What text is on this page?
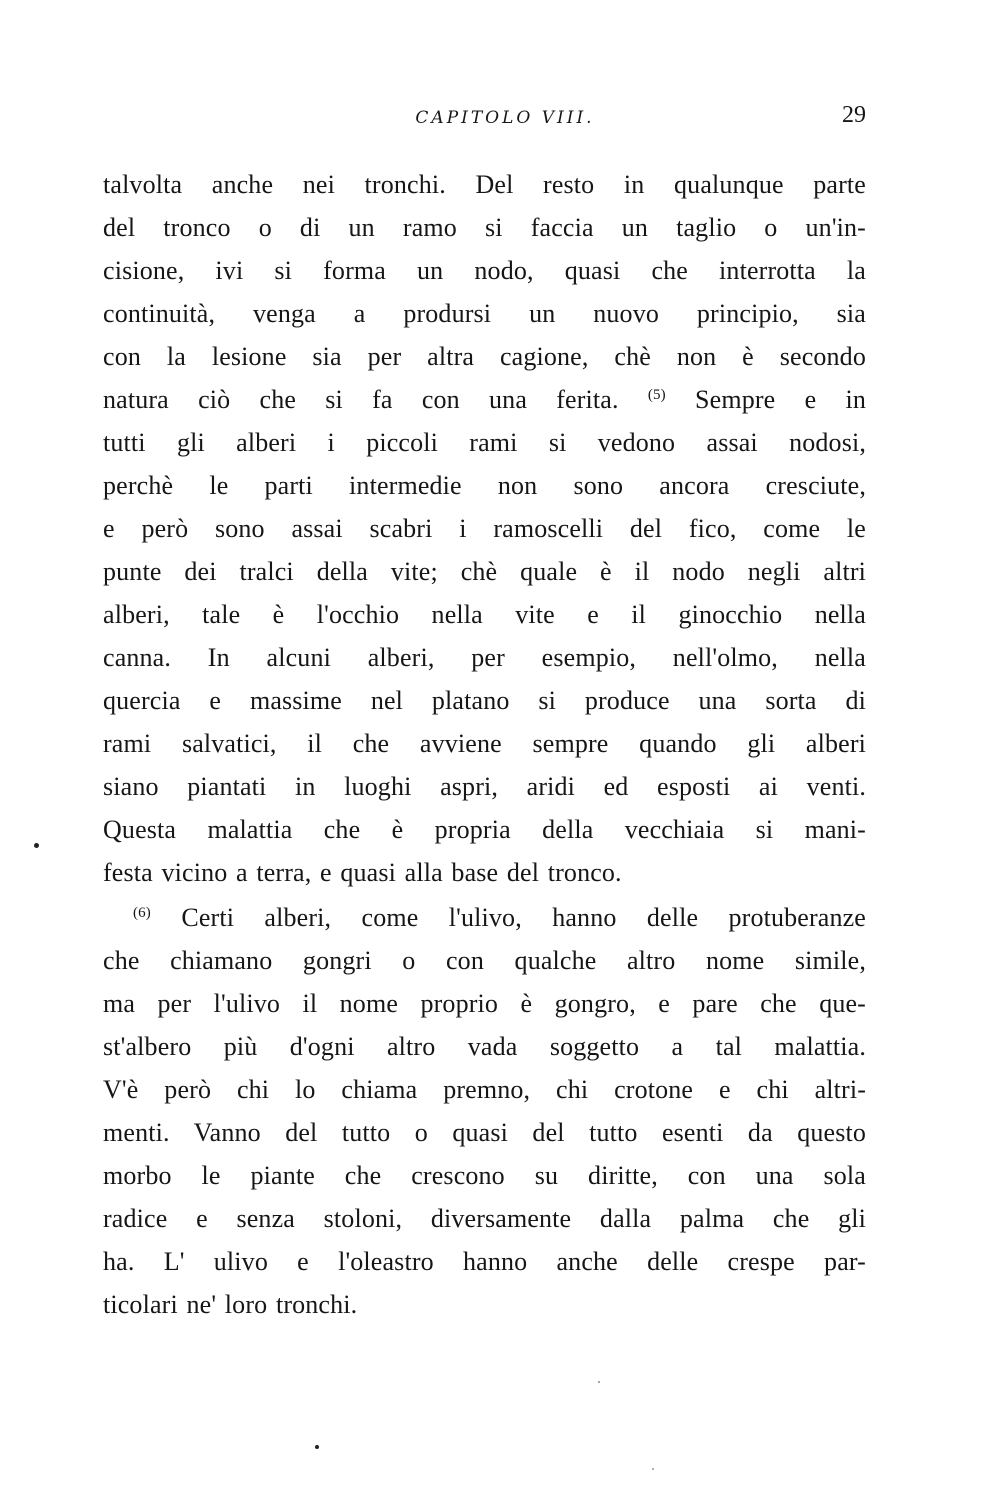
CAPITOLO VIII.	29
talvolta anche nei tronchi. Del resto in qualunque parte
del tronco o di un ramo si faccia un taglio o un'in-
cisione, ivi si forma un nodo, quasi che interrotta la
continuità, venga a prodursi un nuovo principio, sia
con la lesione sia per altra cagione, chè non è secondo
natura ciò che si fa con una ferita. $^{(5)}$ Sempre e in
tutti gli alberi i piccoli rami si vedono assai nodosi,
perchè le parti intermedie non sono ancora cresciute,
e però sono assai scabri i ramoscelli del fico, come le
punte dei tralci della vite; chè quale è il nodo negli altri
alberi, tale è l'occhio nella vite e il ginocchio nella
canna. In alcuni alberi, per esempio, nell'olmo, nella
quercia e massime nel platano si produce una sorta di
rami salvatici, il che avviene sempre quando gli alberi
siano piantati in luoghi aspri, aridi ed esposti ai venti.
Questa malattia che è propria della vecchiaia si mani-
festa vicino a terra, e quasi alla base del tronco.
$^{(6)}$ Certi alberi, come l'ulivo, hanno delle protuberanze
che chiamano gongri o con qualche altro nome simile,
ma per l'ulivo il nome proprio è gongro, e pare che que-
st'albero più d'ogni altro vada soggetto a tal malattia.
V'è però chi lo chiama premno, chi crotone e chi altri-
menti. Vanno del tutto o quasi del tutto esenti da questo
morbo le piante che crescono su diritte, con una sola
radice e senza stoloni, diversamente dalla palma che gli
ha. L' ulivo e l'oleastro hanno anche delle crespe par-
ticolari ne' loro tronchi.
